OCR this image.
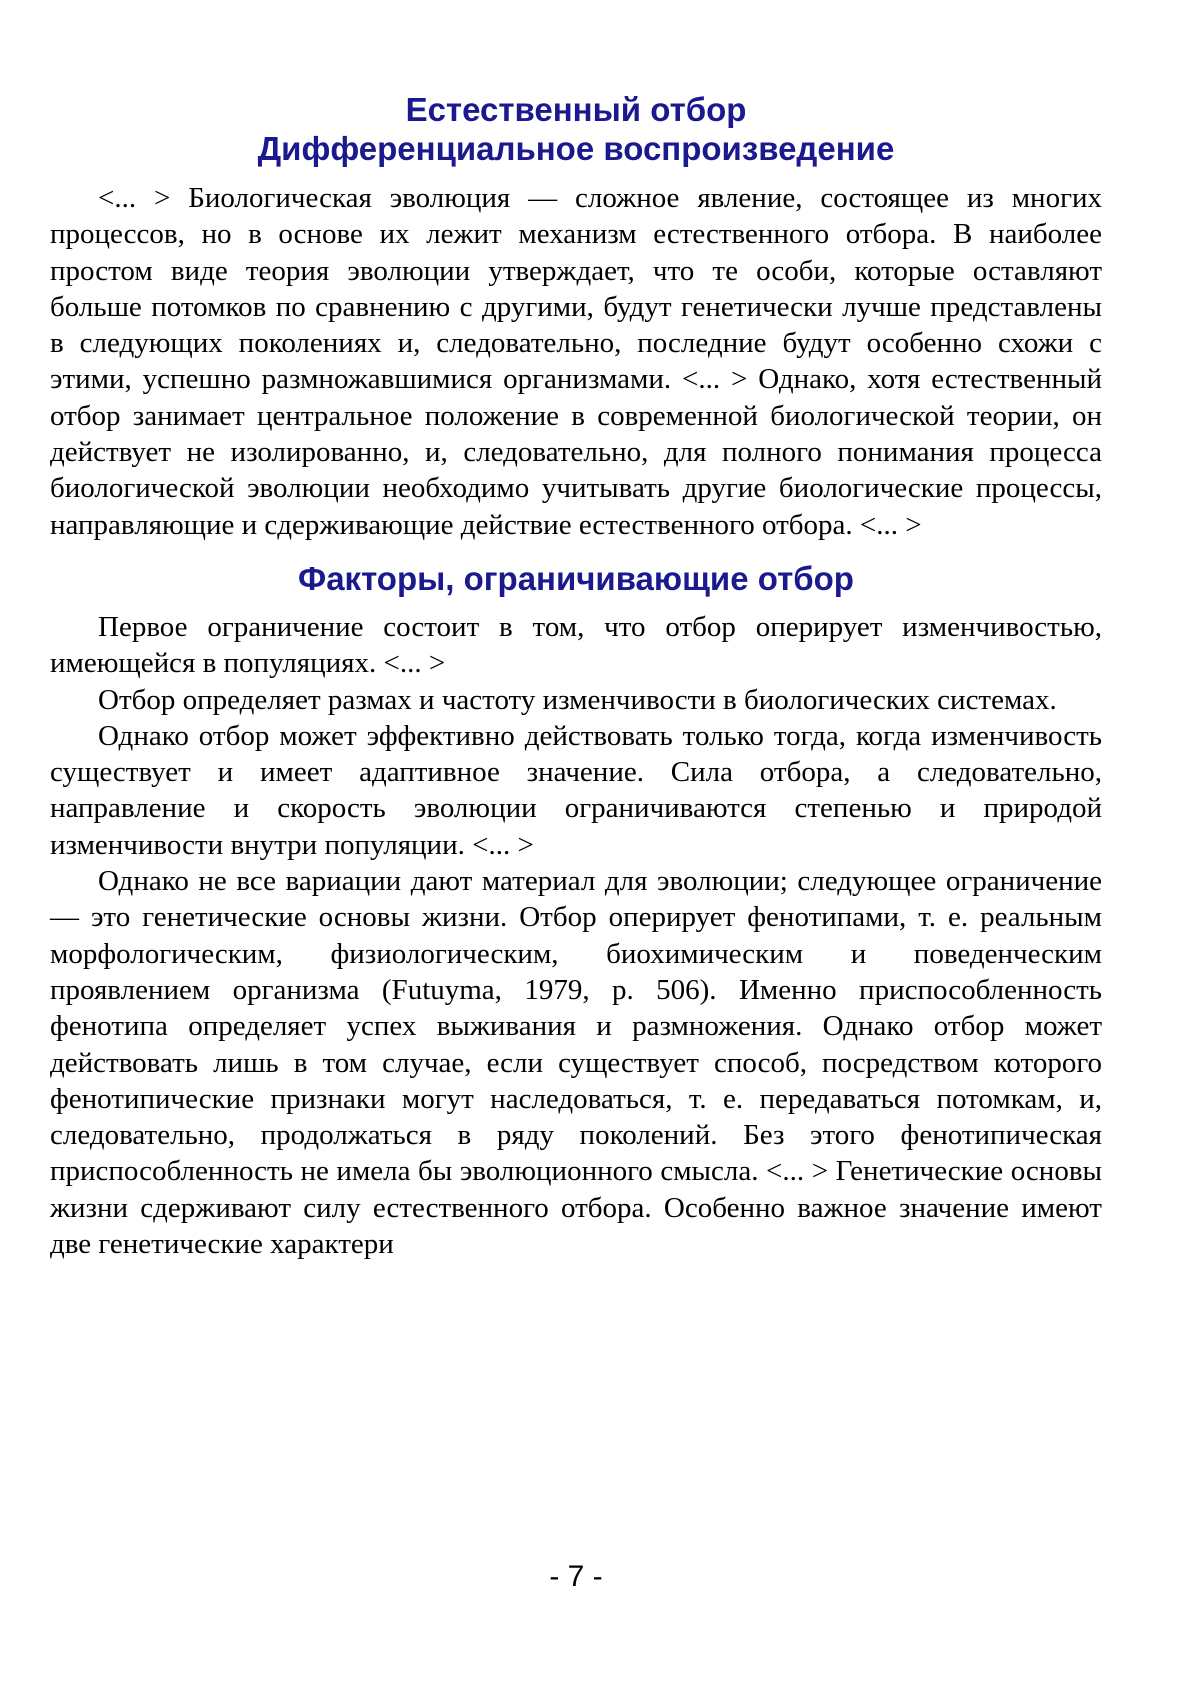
Естественный отбор
Дифференциальное воспроизведение

<... > Биологическая эволюция — сложное явление, состоящее из многих процессов, но в основе их лежит механизм естественного отбора. В наиболее простом виде теория эволюции утверждает, что те особи, которые оставляют больше потомков по сравнению с другими, будут генетически лучше представлены в следующих поколениях и, следовательно, последние будут особенно схожи с этими, успешно размножавшимися организмами. <... > Однако, хотя естественный отбор занимает центральное положение в современной биологической теории, он действует не изолированно, и, следовательно, для полного понимания процесса биологической эволюции необходимо учитывать другие биологические процессы, направляющие и сдерживающие действие естественного отбора. <... >

Факторы, ограничивающие отбор

Первое ограничение состоит в том, что отбор оперирует изменчивостью, имеющейся в популяциях. <... >

Отбор определяет размах и частоту изменчивости в биологических системах.

Однако отбор может эффективно действовать только тогда, когда изменчивость существует и имеет адаптивное значение. Сила отбора, а следовательно, направление и скорость эволюции ограничиваются степенью и природой изменчивости внутри популяции. <... >

Однако не все вариации дают материал для эволюции; следующее ограничение — это генетические основы жизни. Отбор оперирует фенотипами, т. е. реальным морфологическим, физиологическим, биохимическим и поведенческим проявлением организма (Futuyma, 1979, p. 506). Именно приспособленность фенотипа определяет успех выживания и размножения. Однако отбор может действовать лишь в том случае, если существует способ, посредством которого фенотипические признаки могут наследоваться, т. е. передаваться потомкам, и, следовательно, продолжаться в ряду поколений. Без этого фенотипическая приспособленность не имела бы эволюционного смысла. <... > Генетические основы жизни сдерживают силу естественного отбора. Особенно важное значение имеют две генетические характери

- 7 -
